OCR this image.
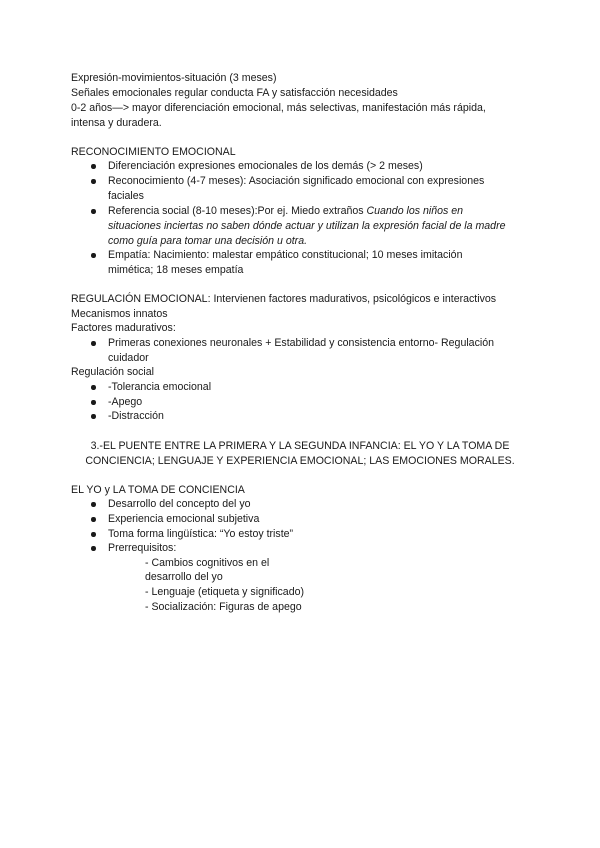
Expresión-movimientos-situación (3 meses)
Señales emocionales regular conducta FA y satisfacción necesidades
0-2 años—> mayor diferenciación emocional, más selectivas, manifestación más rápida,
intensa y duradera.
RECONOCIMIENTO EMOCIONAL
Diferenciación expresiones emocionales de los demás (> 2 meses)
Reconocimiento (4-7 meses): Asociación significado emocional con expresiones
faciales
Referencia social (8-10 meses):Por ej. Miedo extraños Cuando los niños en
situaciones inciertas no saben dónde actuar y utilizan la expresión facial de la madre
como guía para tomar una decisión u otra.
Empatía: Nacimiento: malestar empático constitucional; 10 meses imitación
mimética; 18 meses empatía
REGULACIÓN EMOCIONAL: Intervienen factores madurativos, psicológicos e interactivos
Mecanismos innatos
Factores madurativos:
Primeras conexiones neuronales + Estabilidad y consistencia entorno- Regulación
cuidador
Regulación social
-Tolerancia emocional
-Apego
-Distracción
3.-EL PUENTE ENTRE LA PRIMERA Y LA SEGUNDA INFANCIA: EL YO Y LA TOMA DE
CONCIENCIA; LENGUAJE Y EXPERIENCIA EMOCIONAL; LAS EMOCIONES MORALES.
EL YO y LA TOMA DE CONCIENCIA
Desarrollo del concepto del yo
Experiencia emocional subjetiva
Toma forma lingüística: “Yo estoy triste”
Prerrequisitos:
- Cambios cognitivos en el
desarrollo del yo
- Lenguaje (etiqueta y significado)
- Socialización: Figuras de apego
